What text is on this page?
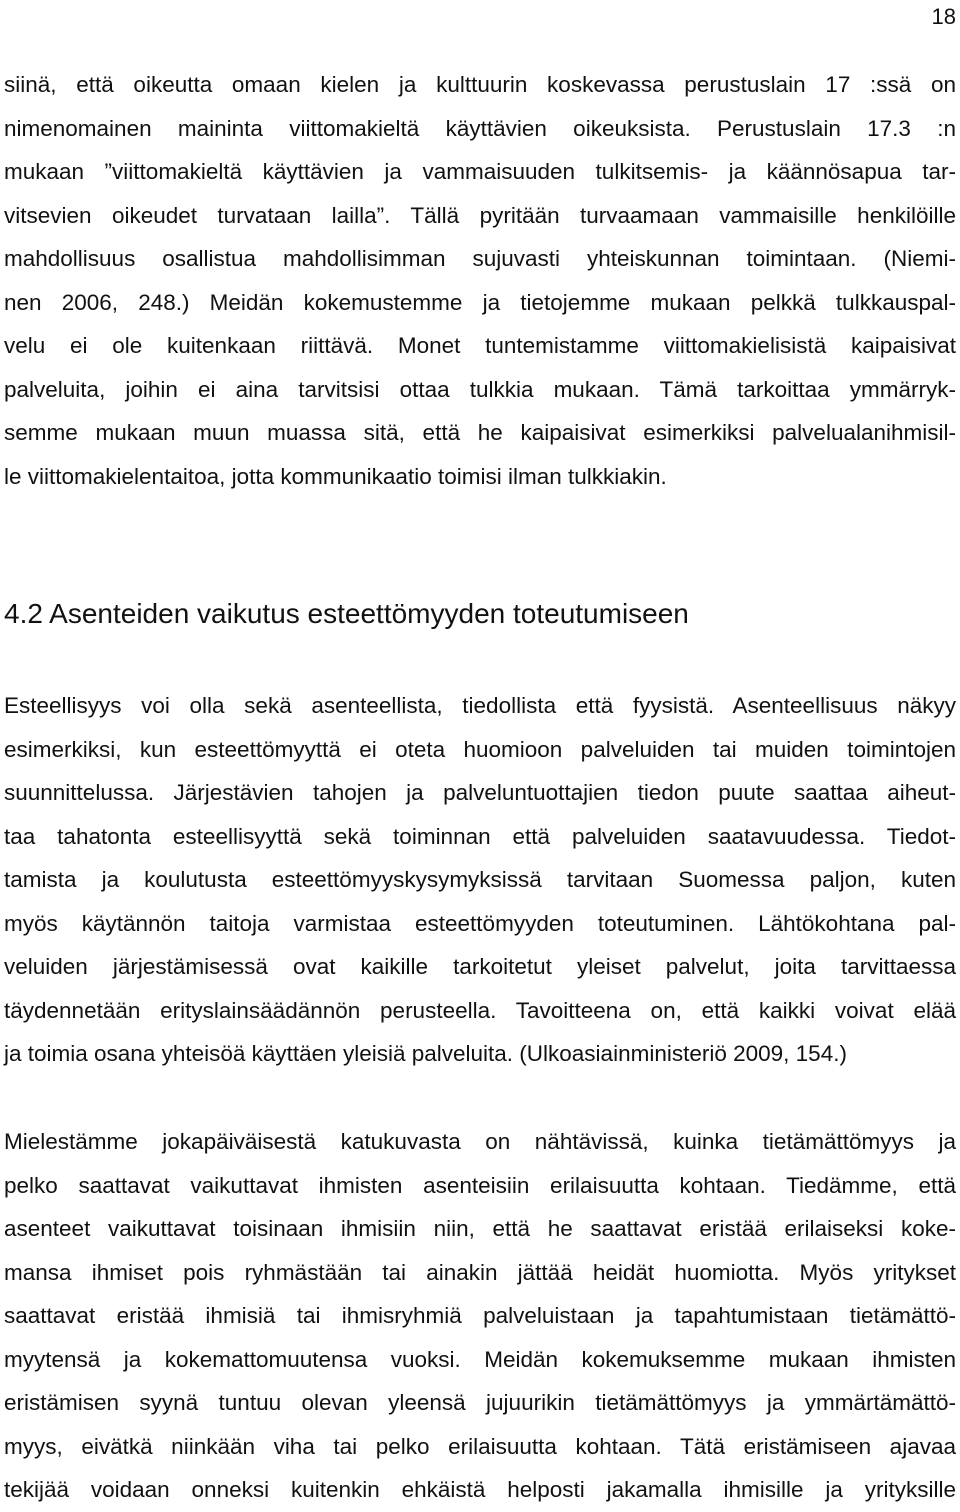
18

siinä, että oikeutta omaan kielen ja kulttuurin koskevassa perustuslain 17 :ssä on
nimenomainen maininta viittomakieltä käyttävien oikeuksista. Perustuslain 17.3 :n
mukaan ”viittomakieltä käyttävien ja vammaisuuden tulkitsemis- ja käännösapua tar-
vitsevien oikeudet turvataan lailla”. Tällä pyritään turvaamaan vammaisille henkilöille
mahdollisuus osallistua mahdollisimman sujuvasti yhteiskunnan toimintaan. (Niemi-
nen 2006, 248.) Meidän kokemustemme ja tietojemme mukaan pelkkä tulkkauspal-
velu ei ole kuitenkaan riittävä. Monet tuntemistamme viittomakielisistä kaipaisivat
palveluita, joihin ei aina tarvitsisi ottaa tulkkia mukaan. Tämä tarkoittaa ymmärryk-
semme mukaan muun muassa sitä, että he kaipaisivat esimerkiksi palvelualanihmisil-
le viittomakielentaitoa, jotta kommunikaatio toimisi ilman tulkkiakin.

4.2 Asenteiden vaikutus esteettömyyden toteutumiseen

Esteellisyys voi olla sekä asenteellista, tiedollista että fyysistä. Asenteellisuus näkyy
esimerkiksi, kun esteettömyyttä ei oteta huomioon palveluiden tai muiden toimintojen
suunnittelussa. Järjestävien tahojen ja palveluntuottajien tiedon puute saattaa aiheut-
taa tahatonta esteellisyyttä sekä toiminnan että palveluiden saatavuudessa. Tiedot-
tamista ja koulutusta esteettömyyskysymyksissä tarvitaan Suomessa paljon, kuten
myös käytännön taitoja varmistaa esteettömyyden toteutuminen. Lähtökohtana pal-
veluiden järjestämisessä ovat kaikille tarkoitetut yleiset palvelut, joita tarvittaessa
täydennetään erityslainsäädännön perusteella. Tavoitteena on, että kaikki voivat elää
ja toimia osana yhteisöä käyttäen yleisiä palveluita. (Ulkoasiainministeriö 2009, 154.)

Mielestämme jokapäiväisestä katukuvasta on nähtävissä, kuinka tietämättömyys ja
pelko saattavat vaikuttavat ihmisten asenteisiin erilaisuutta kohtaan. Tiedämme, että
asenteet vaikuttavat toisinaan ihmisiin niin, että he saattavat eristää erilaiseksi koke-
mansa ihmiset pois ryhmästään tai ainakin jättää heidät huomiotta. Myös yritykset
saattavat eristää ihmisiä tai ihmisryhmiä palveluistaan ja tapahtumistaan tietämättö-
myytensä ja kokemattomuutensa vuoksi. Meidän kokemuksemme mukaan ihmisten
eristämisen syynä tuntuu olevan yleensä jujuurikin tietämättömyys ja ymmärtämättö-
myys, eivätkä niinkään viha tai pelko erilaisuutta kohtaan. Tätä eristämiseen ajavaa
tekijää voidaan onneksi kuitenkin ehkäistä helposti jakamalla ihmisille ja yrityksille
